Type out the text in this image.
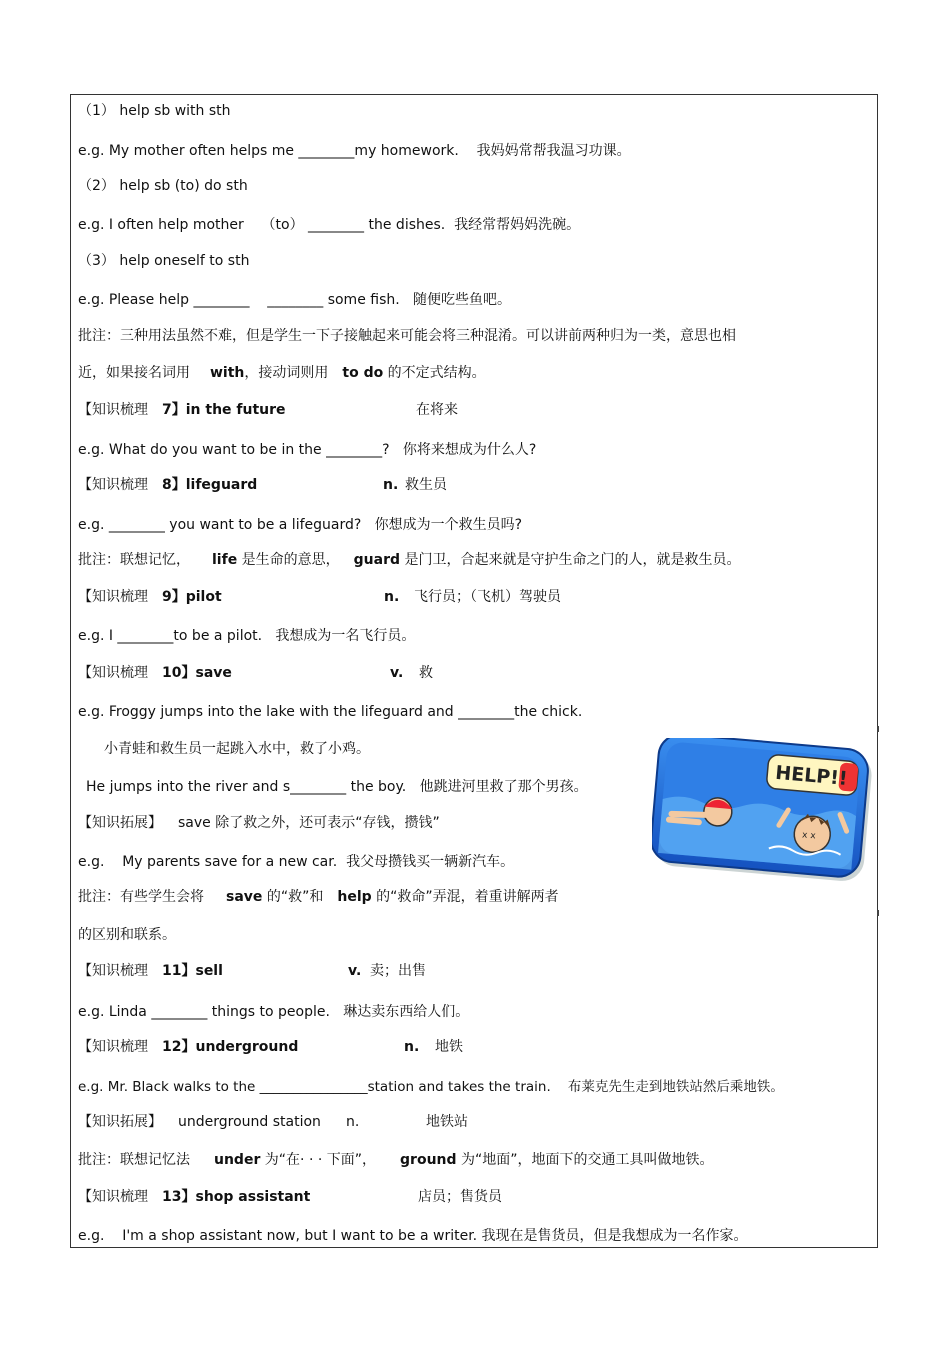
（1） help sb with sth
e.g. My mother often helps me ________my homework.    我妈妈常帮我温习功课。
（2） help sb (to) do sth
e.g. I often help mother    （to） ________ the dishes.  我经常帮妈妈洗碗。
（3） help oneself to sth
e.g. Please help ________    ________ some fish.   随便吃些鱼吧。
批注：三种用法虽然不难，但是学生一下子接触起来可能会将三种混淆。可以讲前两种归为一类，意思也相
近，如果接名词用 with，接动词则用 to do 的不定式结构。
【知识梳理 7】in the future	在将来
e.g. What do you want to be in the ________?   你将来想成为什么人?
【知识梳理 8】lifeguard	n. 救生员
e.g. ________ you want to be a lifeguard?   你想成为一个救生员吗?
批注：联想记忆， life 是生命的意思， guard 是门卫，合起来就是守护生命之门的人，就是救生员。
【知识梳理 9】pilot	n. 飞行员；（飞机）驾驶员
e.g. I ________to be a pilot.   我想成为一名飞行员。
【知识梳理 10】save	v. 救
e.g. Froggy jumps into the lake with the lifeguard and ________the chick.
小青蛙和救生员一起跳入水中，救了小鸡。
He jumps into the river and s________ the boy.   他跳进河里救了那个男孩。
【知识拓展】 save 除了救之外，还可表示“存钱，攒钱”
e.g.    My parents save for a new car.  我父母攒钱买一辆新汽车。
批注：有些学生会将 save 的“救”和 help 的“救命”弄混，着重讲解两者
的区别和联系。
【知识梳理 11】sell	v. 卖；出售
e.g. Linda ________ things to people.   琳达卖东西给人们。
【知识梳理 12】underground	n. 地铁
e.g. Mr. Black walks to the ________________station and takes the train.    布莱克先生走到地铁站然后乘地铁。
【知识拓展】 underground station n.	地铁站
批注：联想记忆法 under 为“在· · · 下面”， ground 为“地面”，地面下的交通工具叫做地铁。
【知识梳理 13】shop assistant	店员；售货员
e.g.    I'm a shop assistant now, but I want to be a writer. 我现在是售货员，但是我想成为一名作家。
HELP!!
x x
